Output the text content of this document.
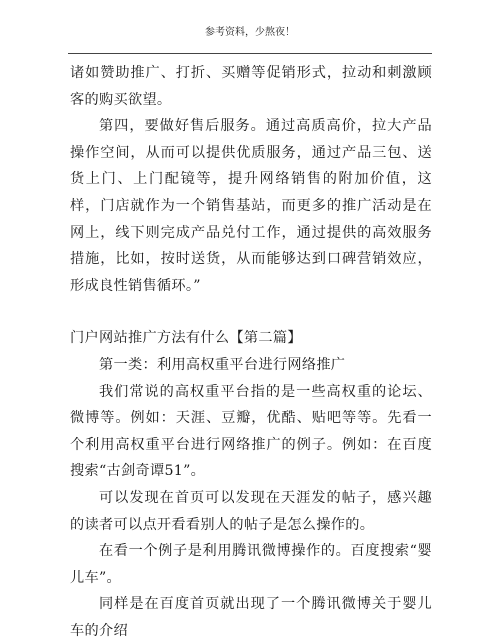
参考资料，少熬夜！

诸如赞助推广、打折、买赠等促销形式，拉动和刺激顾客的购买欲望。

第四，要做好售后服务。通过高质高价，拉大产品操作空间，从而可以提供优质服务，通过产品三包、送货上门、上门配镜等，提升网络销售的附加价值，这样，门店就作为一个销售基站，而更多的推广活动是在网上，线下则完成产品兑付工作，通过提供的高效服务措施，比如，按时送货，从而能够达到口碑营销效应，形成良性销售循环。”

门户网站推广方法有什么【第二篇】

第一类：利用高权重平台进行网络推广

我们常说的高权重平台指的是一些高权重的论坛、微博等。例如：天涯、豆瓣，优酷、贴吧等等。先看一个利用高权重平台进行网络推广的例子。例如：在百度搜索“古剑奇谭51”。

可以发现在首页可以发现在天涯发的帖子，感兴趣的读者可以点开看看别人的帖子是怎么操作的。

在看一个例子是利用腾讯微博操作的。百度搜索“婴儿车”。

同样是在百度首页就出现了一个腾讯微博关于婴儿车的介绍
